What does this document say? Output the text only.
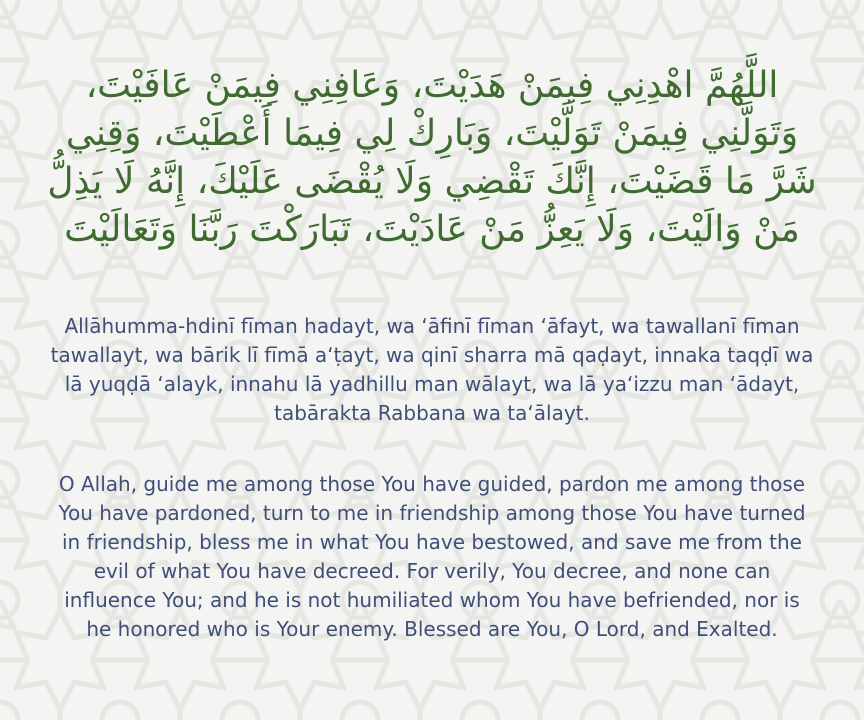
اللَّهُمَّ اهْدِنِي فِيمَنْ هَدَيْتَ، وَعَافِنِي فِيمَنْ عَافَيْتَ، وَتَوَلَّنِي فِيمَنْ تَوَلَّيْتَ، وَبَارِكْ لِي فِيمَا أَعْطَيْتَ، وَقِنِي شَرَّ مَا قَضَيْتَ، إِنَّكَ تَقْضِي وَلَا يُقْضَى عَلَيْكَ، إِنَّهُ لَا يَذِلُّ مَنْ وَالَيْتَ، وَلَا يَعِزُّ مَنْ عَادَيْتَ، تَبَارَكْتَ رَبَّنَا وَتَعَالَيْتَ

Allāhumma-hdinī fīman hadayt, wa ‘āfinī fīman ‘āfayt, wa tawallanī fīman tawallayt, wa bārik lī fīmā a‘ṭayt, wa qinī sharra mā qaḍayt, innaka taqḍī wa lā yuqḍā ‘alayk, innahu lā yadhillu man wālayt, wa lā ya‘izzu man ‘ādayt, tabārakta Rabbana wa ta‘ālayt.

O Allah, guide me among those You have guided, pardon me among those You have pardoned, turn to me in friendship among those You have turned in friendship, bless me in what You have bestowed, and save me from the evil of what You have decreed. For verily, You decree, and none can influence You; and he is not humiliated whom You have befriended, nor is he honored who is Your enemy. Blessed are You, O Lord, and Exalted.
